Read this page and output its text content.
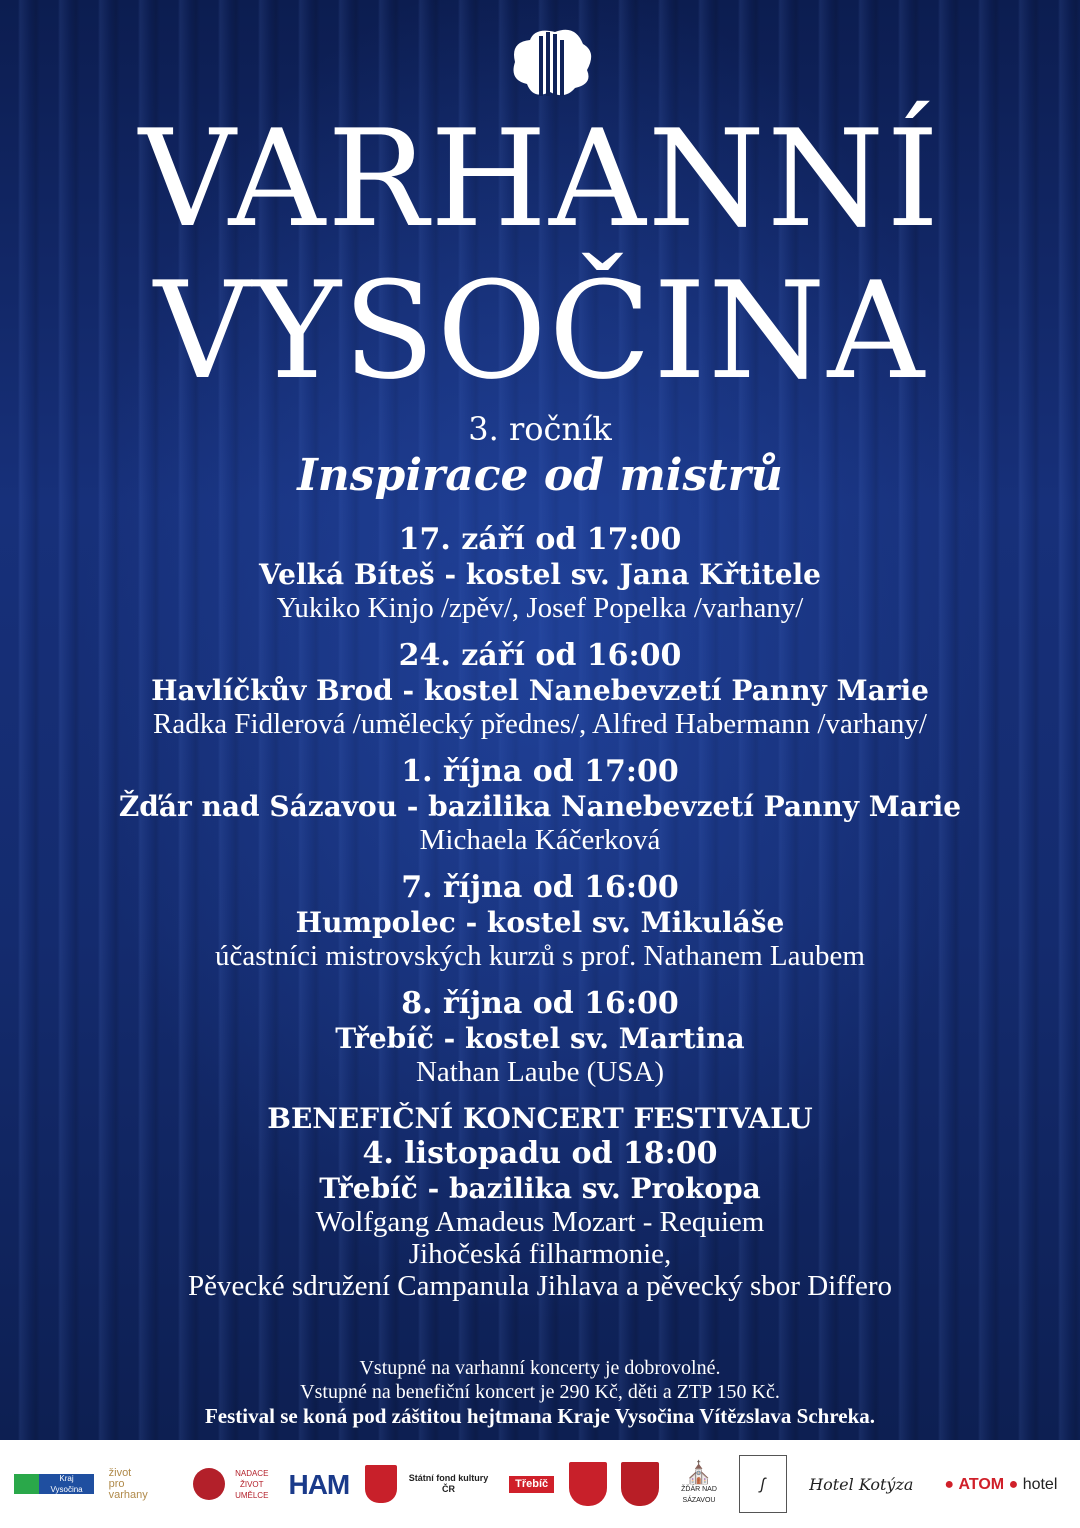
VARHANNÍ
VYSOČINA
3. ročník
Inspirace od mistrů
17. září od 17:00
Velká Bíteš - kostel sv. Jana Křtitele
Yukiko Kinjo /zpěv/, Josef Popelka /varhany/
24. září od 16:00
Havlíčkův Brod - kostel Nanebevzetí Panny Marie
Radka Fidlerová /umělecký přednes/, Alfred Habermann /varhany/
1. října od 17:00
Žďár nad Sázavou - bazilika Nanebevzetí Panny Marie
Michaela Káčerková
7. října od 16:00
Humpolec - kostel sv. Mikuláše
účastníci mistrovských kurzů s prof. Nathanem Laubem
8. října od 16:00
Třebíč - kostel sv. Martina
Nathan Laube (USA)
BENEFIČNÍ KONCERT FESTIVALU
4. listopadu od 18:00
Třebíč - bazilika sv. Prokopa
Wolfgang Amadeus Mozart - Requiem
Jihočeská filharmonie,
Pěvecké sdružení Campanula Jihlava a pěvecký sbor Differo
Vstupné na varhanní koncerty je dobrovolné.
Vstupné na benefiční koncert je 290 Kč, děti a ZTP 150 Kč.
Festival se koná pod záštitou hejtmana Kraje Vysočina Vítězslava Schreka.
Kraj Vysočina
život
pro
varhany
NADACE ŽIVOT UMĚLCE HAM	Státní fond kultury ČR	Třebíč	⛪
ŽĎÁR NAD SÁZAVOU
ʃ	Hotel Kotýza	● ATOM ● hotel
